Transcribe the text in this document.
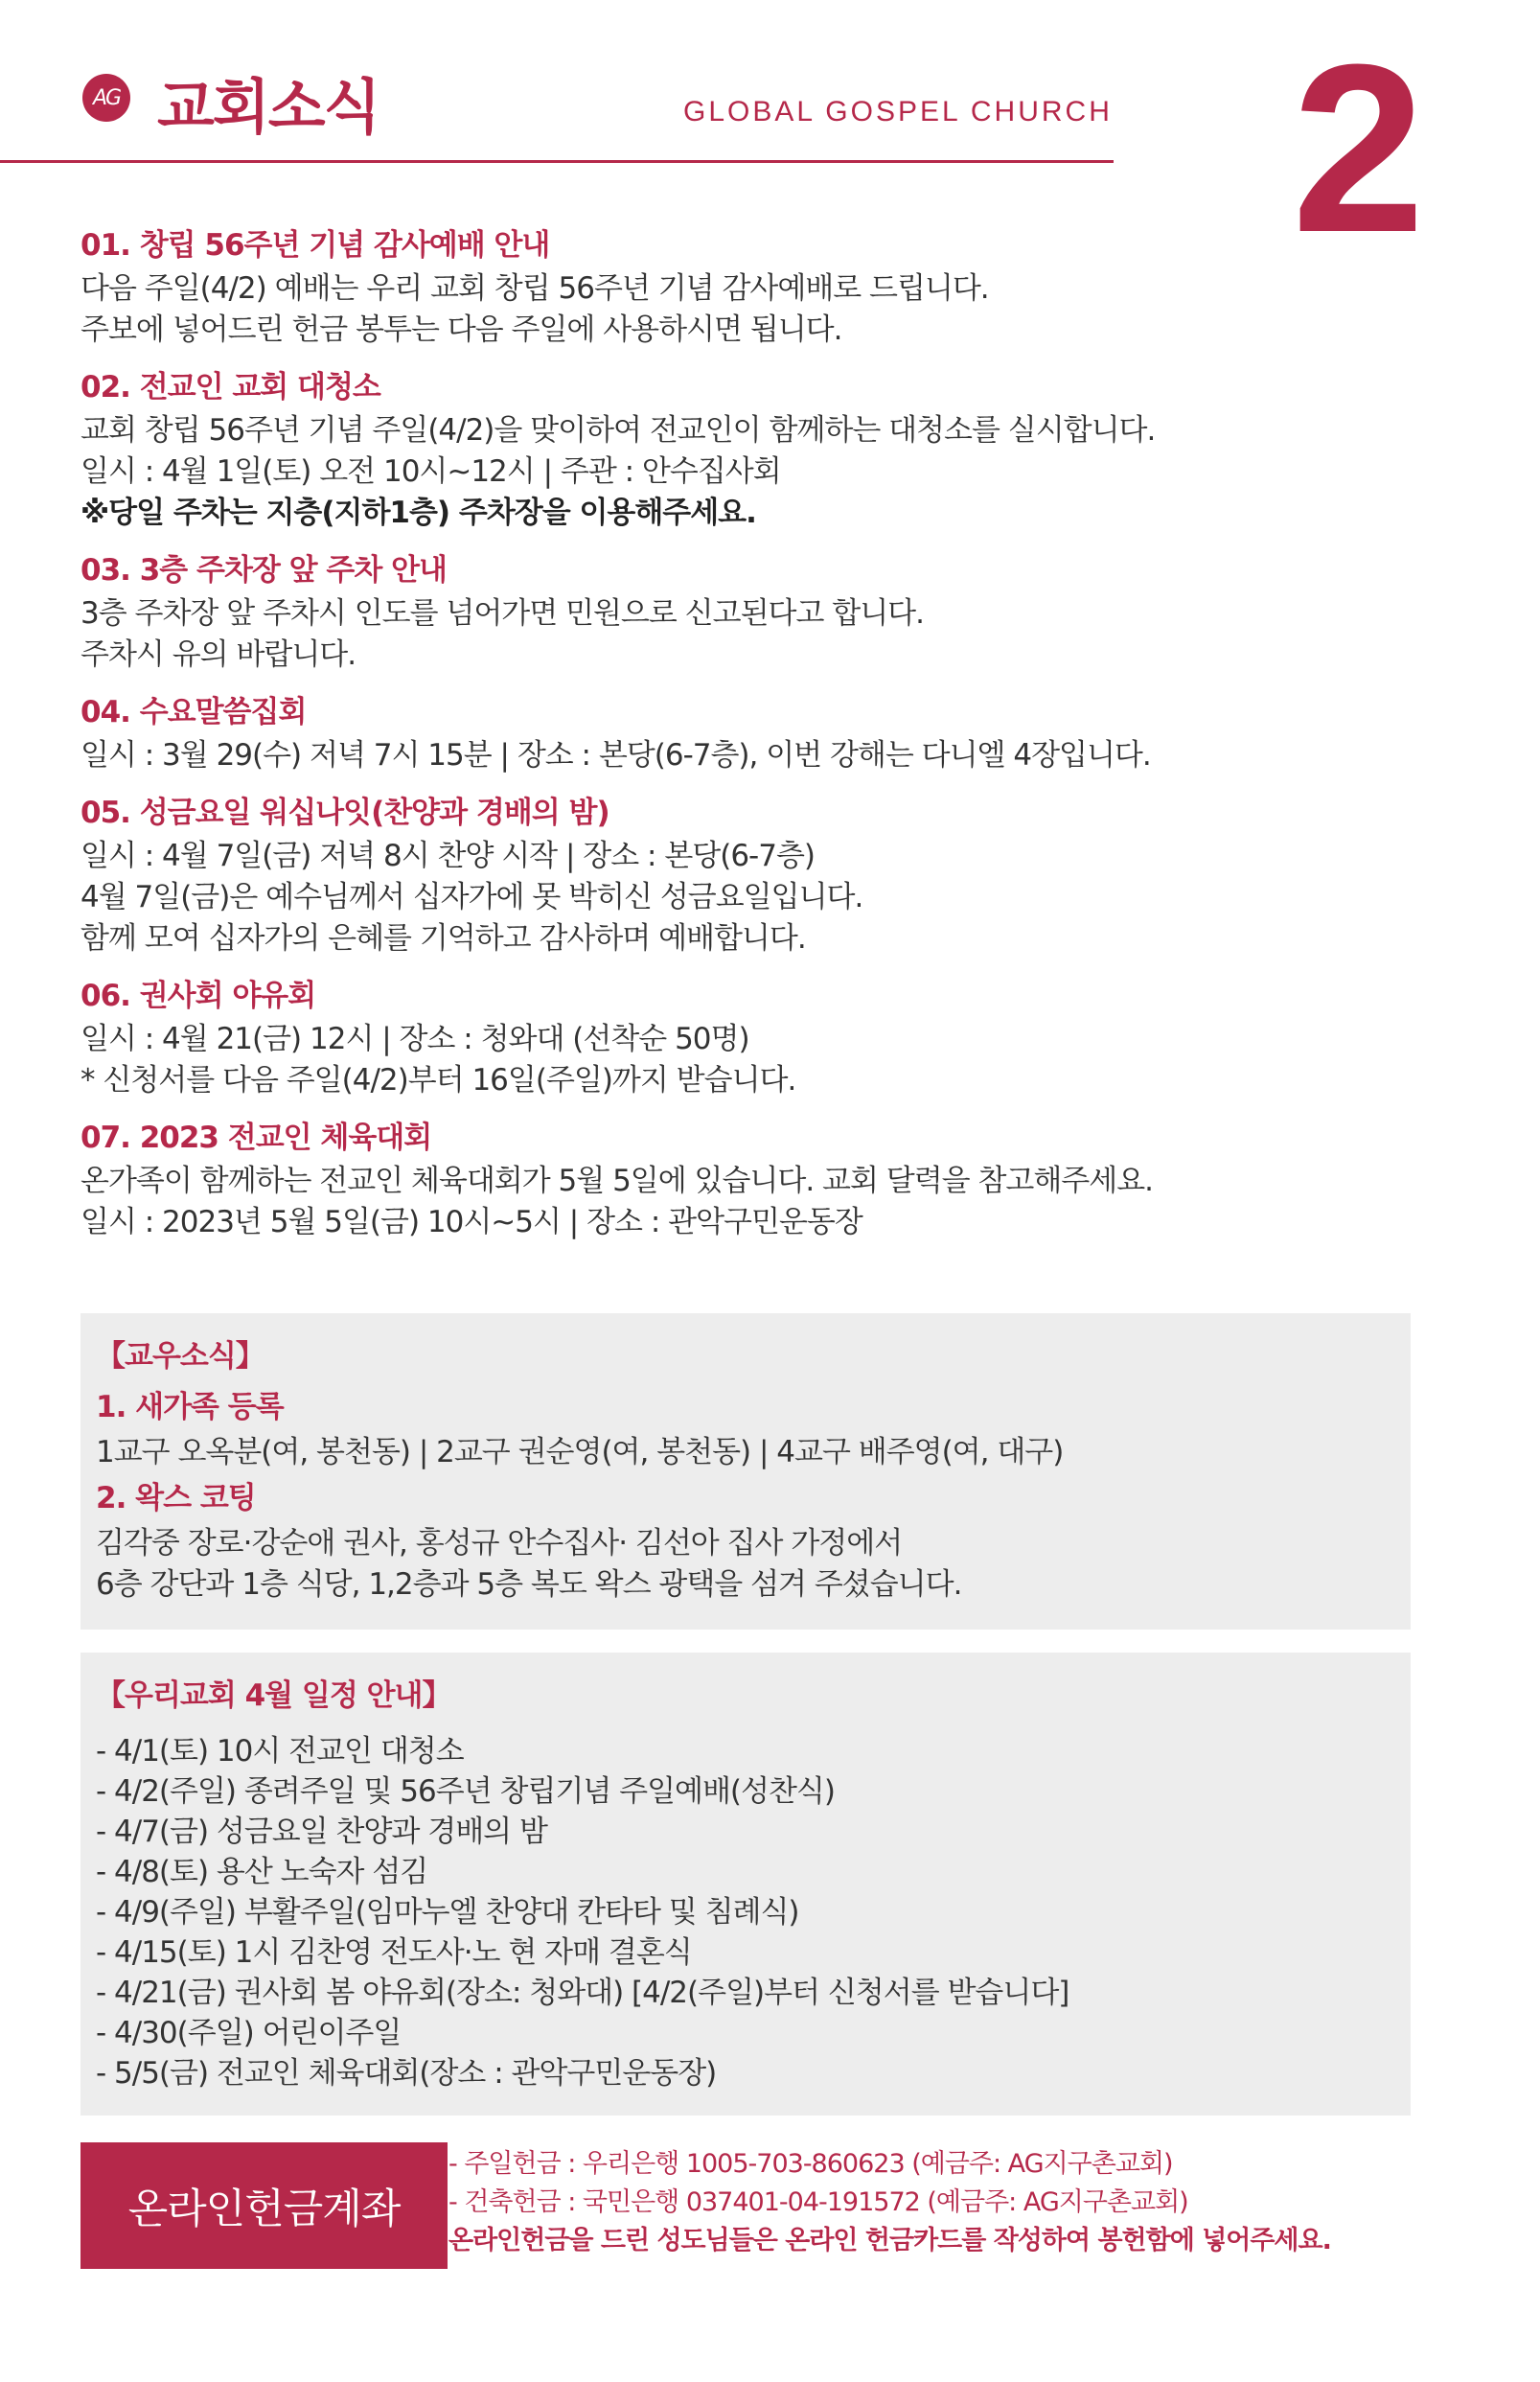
AG 교회소식	GLOBAL GOSPEL CHURCH 2
01. 창립 56주년 기념 감사예배 안내
다음 주일(4/2) 예배는 우리 교회 창립 56주년 기념 감사예배로 드립니다.
주보에 넣어드린 헌금 봉투는 다음 주일에 사용하시면 됩니다.
02. 전교인 교회 대청소
교회 창립 56주년 기념 주일(4/2)을 맞이하여 전교인이 함께하는 대청소를 실시합니다.
일시 : 4월 1일(토) 오전 10시~12시 | 주관 : 안수집사회
※당일 주차는 지층(지하1층) 주차장을 이용해주세요.
03. 3층 주차장 앞 주차 안내
3층 주차장 앞 주차시 인도를 넘어가면 민원으로 신고된다고 합니다.
주차시 유의 바랍니다.
04. 수요말씀집회
일시 : 3월 29(수) 저녁 7시 15분 | 장소 : 본당(6-7층), 이번 강해는 다니엘 4장입니다.
05. 성금요일 워십나잇(찬양과 경배의 밤)
일시 : 4월 7일(금) 저녁 8시 찬양 시작 | 장소 : 본당(6-7층)
4월 7일(금)은 예수님께서 십자가에 못 박히신 성금요일입니다.
함께 모여 십자가의 은혜를 기억하고 감사하며 예배합니다.
06. 권사회 야유회
일시 : 4월 21(금) 12시 | 장소 : 청와대 (선착순 50명)
* 신청서를 다음 주일(4/2)부터 16일(주일)까지 받습니다.
07. 2023 전교인 체육대회
온가족이 함께하는 전교인 체육대회가 5월 5일에 있습니다. 교회 달력을 참고해주세요.
일시 : 2023년 5월 5일(금) 10시~5시 | 장소 : 관악구민운동장
【교우소식】
1. 새가족 등록
1교구 오옥분(여, 봉천동) | 2교구 권순영(여, 봉천동) | 4교구 배주영(여, 대구)
2. 왁스 코팅
김각중 장로·강순애 권사, 홍성규 안수집사· 김선아 집사 가정에서
6층 강단과 1층 식당, 1,2층과 5층 복도 왁스 광택을 섬겨 주셨습니다.
【우리교회 4월 일정 안내】
- 4/1(토) 10시 전교인 대청소
- 4/2(주일) 종려주일 및 56주년 창립기념 주일예배(성찬식)
- 4/7(금) 성금요일 찬양과 경배의 밤
- 4/8(토) 용산 노숙자 섬김
- 4/9(주일) 부활주일(임마누엘 찬양대 칸타타 및 침례식)
- 4/15(토) 1시 김찬영 전도사·노 현 자매 결혼식
- 4/21(금) 권사회 봄 야유회(장소: 청와대) [4/2(주일)부터 신청서를 받습니다]
- 4/30(주일) 어린이주일
- 5/5(금) 전교인 체육대회(장소 : 관악구민운동장)
온라인헌금계좌
- 주일헌금 : 우리은행 1005-703-860623 (예금주: AG지구촌교회)
- 건축헌금 : 국민은행 037401-04-191572 (예금주: AG지구촌교회)
온라인헌금을 드린 성도님들은 온라인 헌금카드를 작성하여 봉헌함에 넣어주세요.
